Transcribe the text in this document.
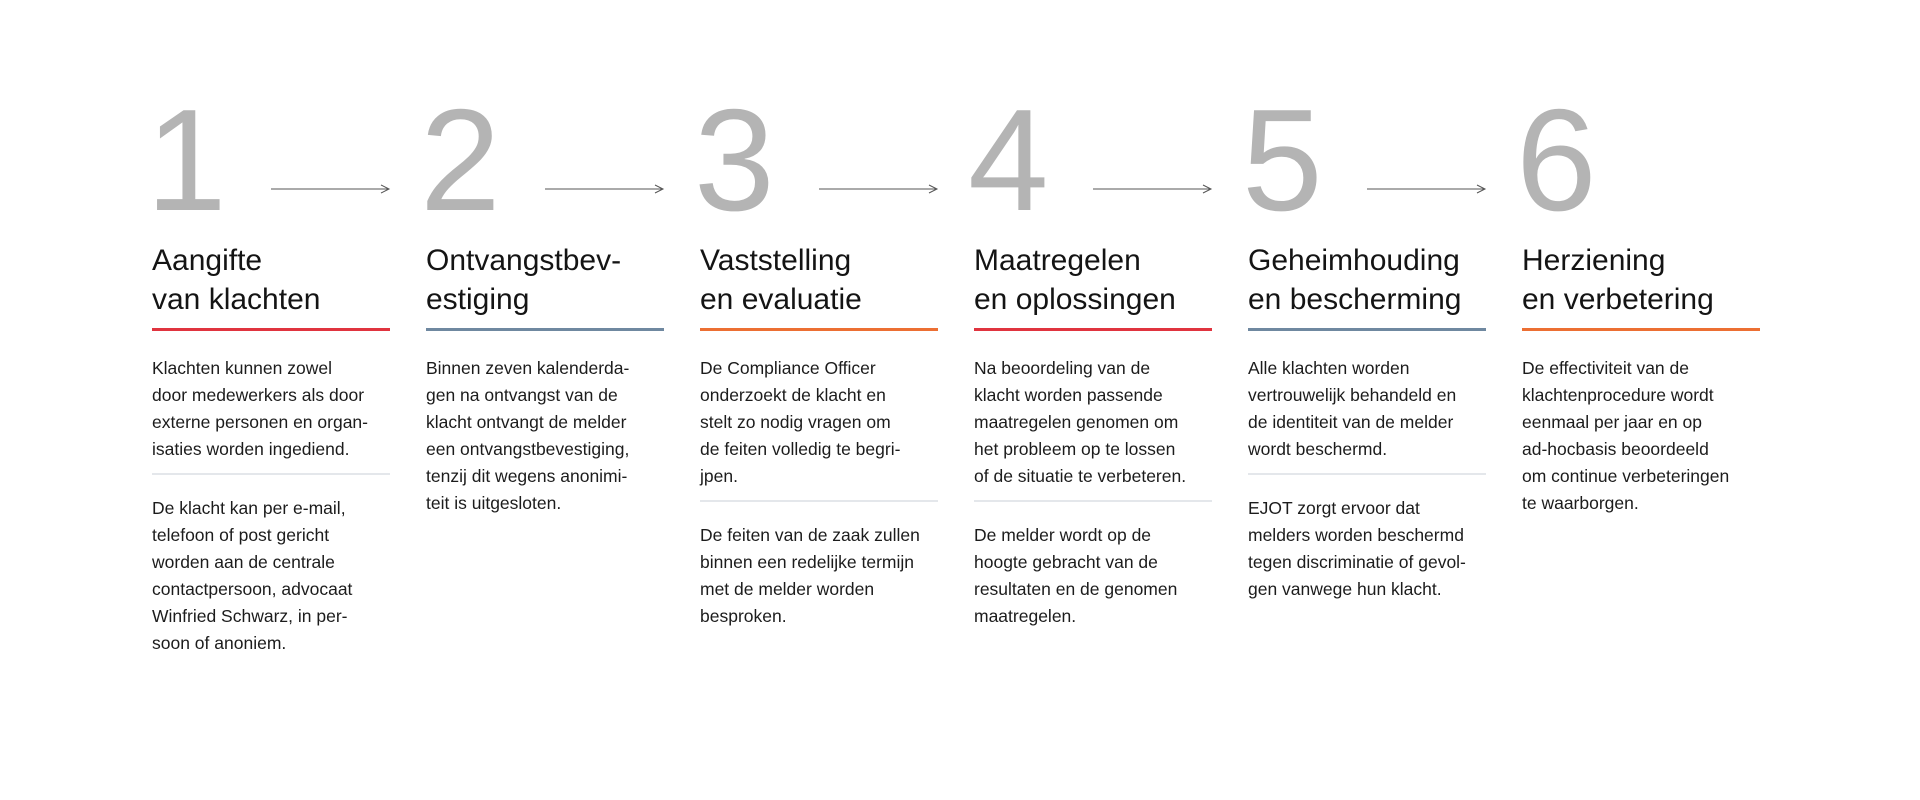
1
Aangifte
van klachten
Klachten kunnen zowel
door medewerkers als door
externe personen en organ-
isaties worden ingediend.
De klacht kan per e-mail,
telefoon of post gericht
worden aan de centrale
contactpersoon, advocaat
Winfried Schwarz, in per-
soon of anoniem.
2
Ontvangstbev-
estiging
Binnen zeven kalenderda-
gen na ontvangst van de
klacht ontvangt de melder
een ontvangstbevestiging,
tenzij dit wegens anonimi-
teit is uitgesloten.
3
Vaststelling
en evaluatie
De Compliance Officer
onderzoekt de klacht en
stelt zo nodig vragen om
de feiten volledig te begri-
jpen.
De feiten van de zaak zullen
binnen een redelijke termijn
met de melder worden
besproken.
4
Maatregelen
en oplossingen
Na beoordeling van de
klacht worden passende
maatregelen genomen om
het probleem op te lossen
of de situatie te verbeteren.
De melder wordt op de
hoogte gebracht van de
resultaten en de genomen
maatregelen.
5
Geheimhouding
en bescherming
Alle klachten worden
vertrouwelijk behandeld en
de identiteit van de melder
wordt beschermd.
EJOT zorgt ervoor dat
melders worden beschermd
tegen discriminatie of gevol-
gen vanwege hun klacht.
6
Herziening
en verbetering
De effectiviteit van de
klachtenprocedure wordt
eenmaal per jaar en op
ad-hocbasis beoordeeld
om continue verbeteringen
te waarborgen.
